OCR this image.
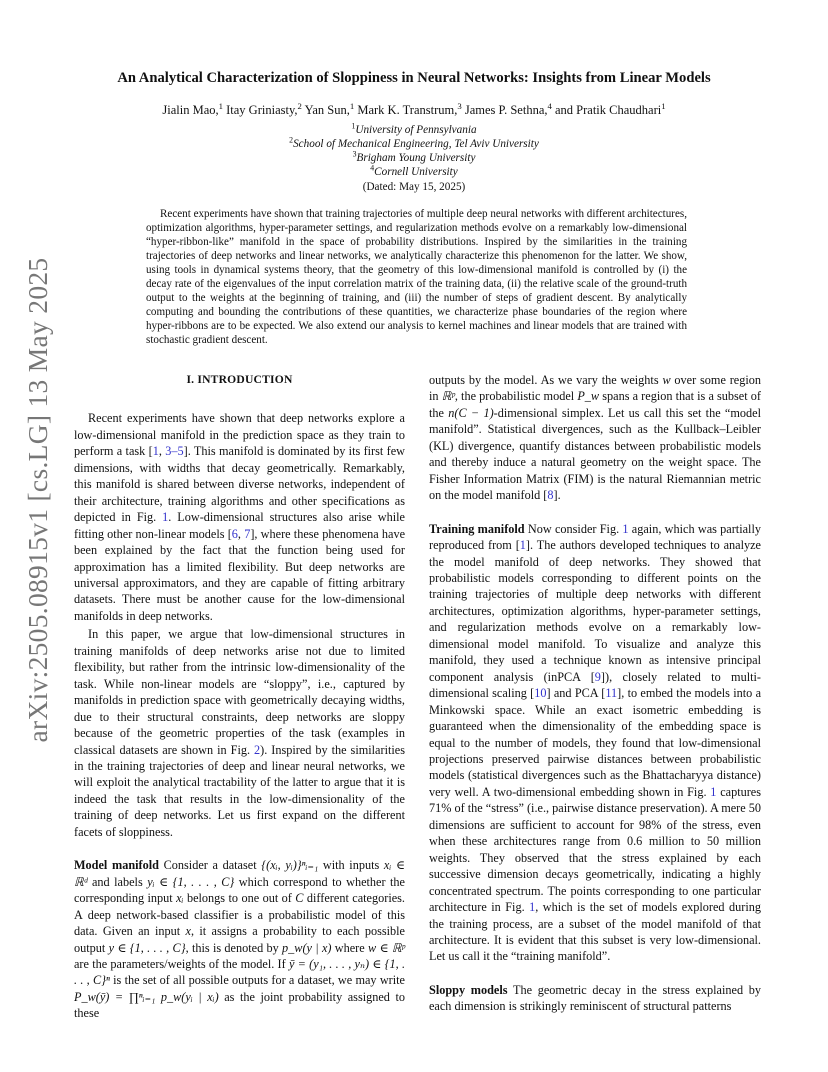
arXiv:2505.08915v1 [cs.LG] 13 May 2025
An Analytical Characterization of Sloppiness in Neural Networks: Insights from Linear Models
Jialin Mao,$^1$ Itay Griniasty,$^2$ Yan Sun,$^1$ Mark K. Transtrum,$^3$ James P. Sethna,$^4$ and Pratik Chaudhari$^1$
$^1$University of Pennsylvania
$^2$School of Mechanical Engineering, Tel Aviv University
$^3$Brigham Young University
$^4$Cornell University
(Dated: May 15, 2025)
Recent experiments have shown that training trajectories of multiple deep neural networks with different architectures, optimization algorithms, hyper-parameter settings, and regularization methods evolve on a remarkably low-dimensional “hyper-ribbon-like” manifold in the space of probability distributions. Inspired by the similarities in the training trajectories of deep networks and linear networks, we analytically characterize this phenomenon for the latter. We show, using tools in dynamical systems theory, that the geometry of this low-dimensional manifold is controlled by (i) the decay rate of the eigenvalues of the input correlation matrix of the training data, (ii) the relative scale of the ground-truth output to the weights at the beginning of training, and (iii) the number of steps of gradient descent. By analytically computing and bounding the contributions of these quantities, we characterize phase boundaries of the region where hyper-ribbons are to be expected. We also extend our analysis to kernel machines and linear models that are trained with stochastic gradient descent.
I. INTRODUCTION

Recent experiments have shown that deep networks explore a low-dimensional manifold in the prediction space as they train to perform a task [1, 3–5]. This manifold is dominated by its first few dimensions, with widths that decay geometrically. Remarkably, this manifold is shared between diverse networks, independent of their architecture, training algorithms and other specifications as depicted in Fig. 1. Low-dimensional structures also arise while fitting other non-linear models [6, 7], where these phenomena have been explained by the fact that the function being used for approximation has a limited flexibility. But deep networks are universal approximators, and they are capable of fitting arbitrary datasets. There must be another cause for the low-dimensional manifolds in deep networks.

In this paper, we argue that low-dimensional structures in training manifolds of deep networks arise not due to limited flexibility, but rather from the intrinsic low-dimensionality of the task. While non-linear models are “sloppy”, i.e., captured by manifolds in prediction space with geometrically decaying widths, due to their structural constraints, deep networks are sloppy because of the geometric properties of the task (examples in classical datasets are shown in Fig. 2). Inspired by the similarities in the training trajectories of deep and linear neural networks, we will exploit the analytical tractability of the latter to argue that it is indeed the task that results in the low-dimensionality of the training of deep networks. Let us first expand on the different facets of sloppiness.

Model manifold Consider a dataset {(xᵢ, yᵢ)}ⁿᵢ₌₁ with inputs xᵢ ∈ ℝᵈ and labels yᵢ ∈ {1, . . . , C} which correspond to whether the corresponding input xᵢ belongs to one out of C different categories. A deep network-based classifier is a probabilistic model of this data. Given an input x, it assigns a probability to each possible output y ∈ {1, . . . , C}, this is denoted by p_w(y | x) where w ∈ ℝᵖ are the parameters/weights of the model. If ȳ = (y₁, . . . , yₙ) ∈ {1, . . . , C}ⁿ is the set of all possible outputs for a dataset, we may write P_w(ȳ) = ∏ⁿᵢ₌₁ p_w(yᵢ | xᵢ) as the joint probability assigned to these

outputs by the model. As we vary the weights w over some region in ℝᵖ, the probabilistic model P_w spans a region that is a subset of the n(C − 1)-dimensional simplex. Let us call this set the “model manifold”. Statistical divergences, such as the Kullback–Leibler (KL) divergence, quantify distances between probabilistic models and thereby induce a natural geometry on the weight space. The Fisher Information Matrix (FIM) is the natural Riemannian metric on the model manifold [8].

Training manifold Now consider Fig. 1 again, which was partially reproduced from [1]. The authors developed techniques to analyze the model manifold of deep networks. They showed that probabilistic models corresponding to different points on the training trajectories of multiple deep networks with different architectures, optimization algorithms, hyper-parameter settings, and regularization methods evolve on a remarkably low-dimensional model manifold. To visualize and analyze this manifold, they used a technique known as intensive principal component analysis (inPCA [9]), closely related to multi-dimensional scaling [10] and PCA [11], to embed the models into a Minkowski space. While an exact isometric embedding is guaranteed when the dimensionality of the embedding space is equal to the number of models, they found that low-dimensional projections preserved pairwise distances between probabilistic models (statistical divergences such as the Bhattacharyya distance) very well. A two-dimensional embedding shown in Fig. 1 captures 71% of the “stress” (i.e., pairwise distance preservation). A mere 50 dimensions are sufficient to account for 98% of the stress, even when these architectures range from 0.6 million to 50 million weights. They observed that the stress explained by each successive dimension decays geometrically, indicating a highly concentrated spectrum. The points corresponding to one particular architecture in Fig. 1, which is the set of models explored during the training process, are a subset of the model manifold of that architecture. It is evident that this subset is very low-dimensional. Let us call it the “training manifold”.

Sloppy models The geometric decay in the stress explained by each dimension is strikingly reminiscent of structural patterns
